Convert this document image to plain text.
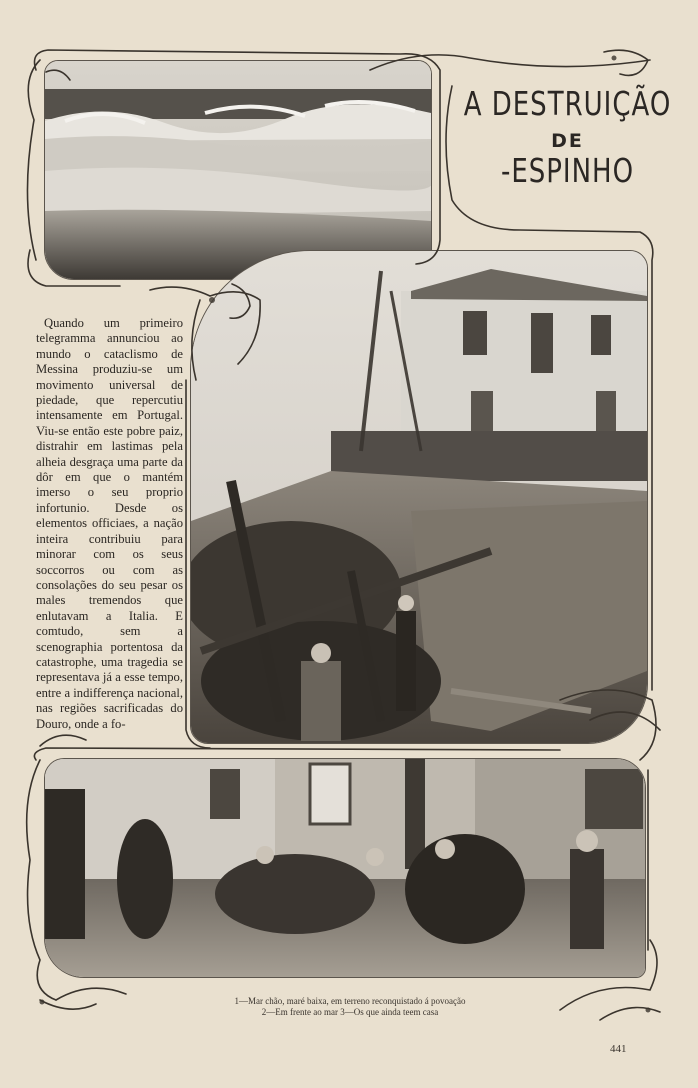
A DESTRUIÇÃO
DE
-ESPINHO

Quando um primeiro telegramma annunciou ao mundo o cataclismo de Messina produziu-se um movimento universal de piedade, que repercutiu intensamente em Portugal. Viu-se então este pobre paiz, distrahir em lastimas pela alheia desgraça uma parte da dôr em que o mantém imerso o seu proprio infortunio. Desde os elementos officiaes, a nação inteira contribuiu para minorar com os seus soccorros ou com as consolações do seu pesar os males tremendos que enlutavam a Italia. E comtudo, sem a scenographia portentosa da catastrophe, uma tragedia se representava já a esse tempo, entre a indifferença nacional, nas regiões sacrificadas do Douro, onde a fo-

1—Mar chão, maré baixa, em terreno reconquistado á povoação
2—Em frente ao mar 3—Os que ainda teem casa
441
